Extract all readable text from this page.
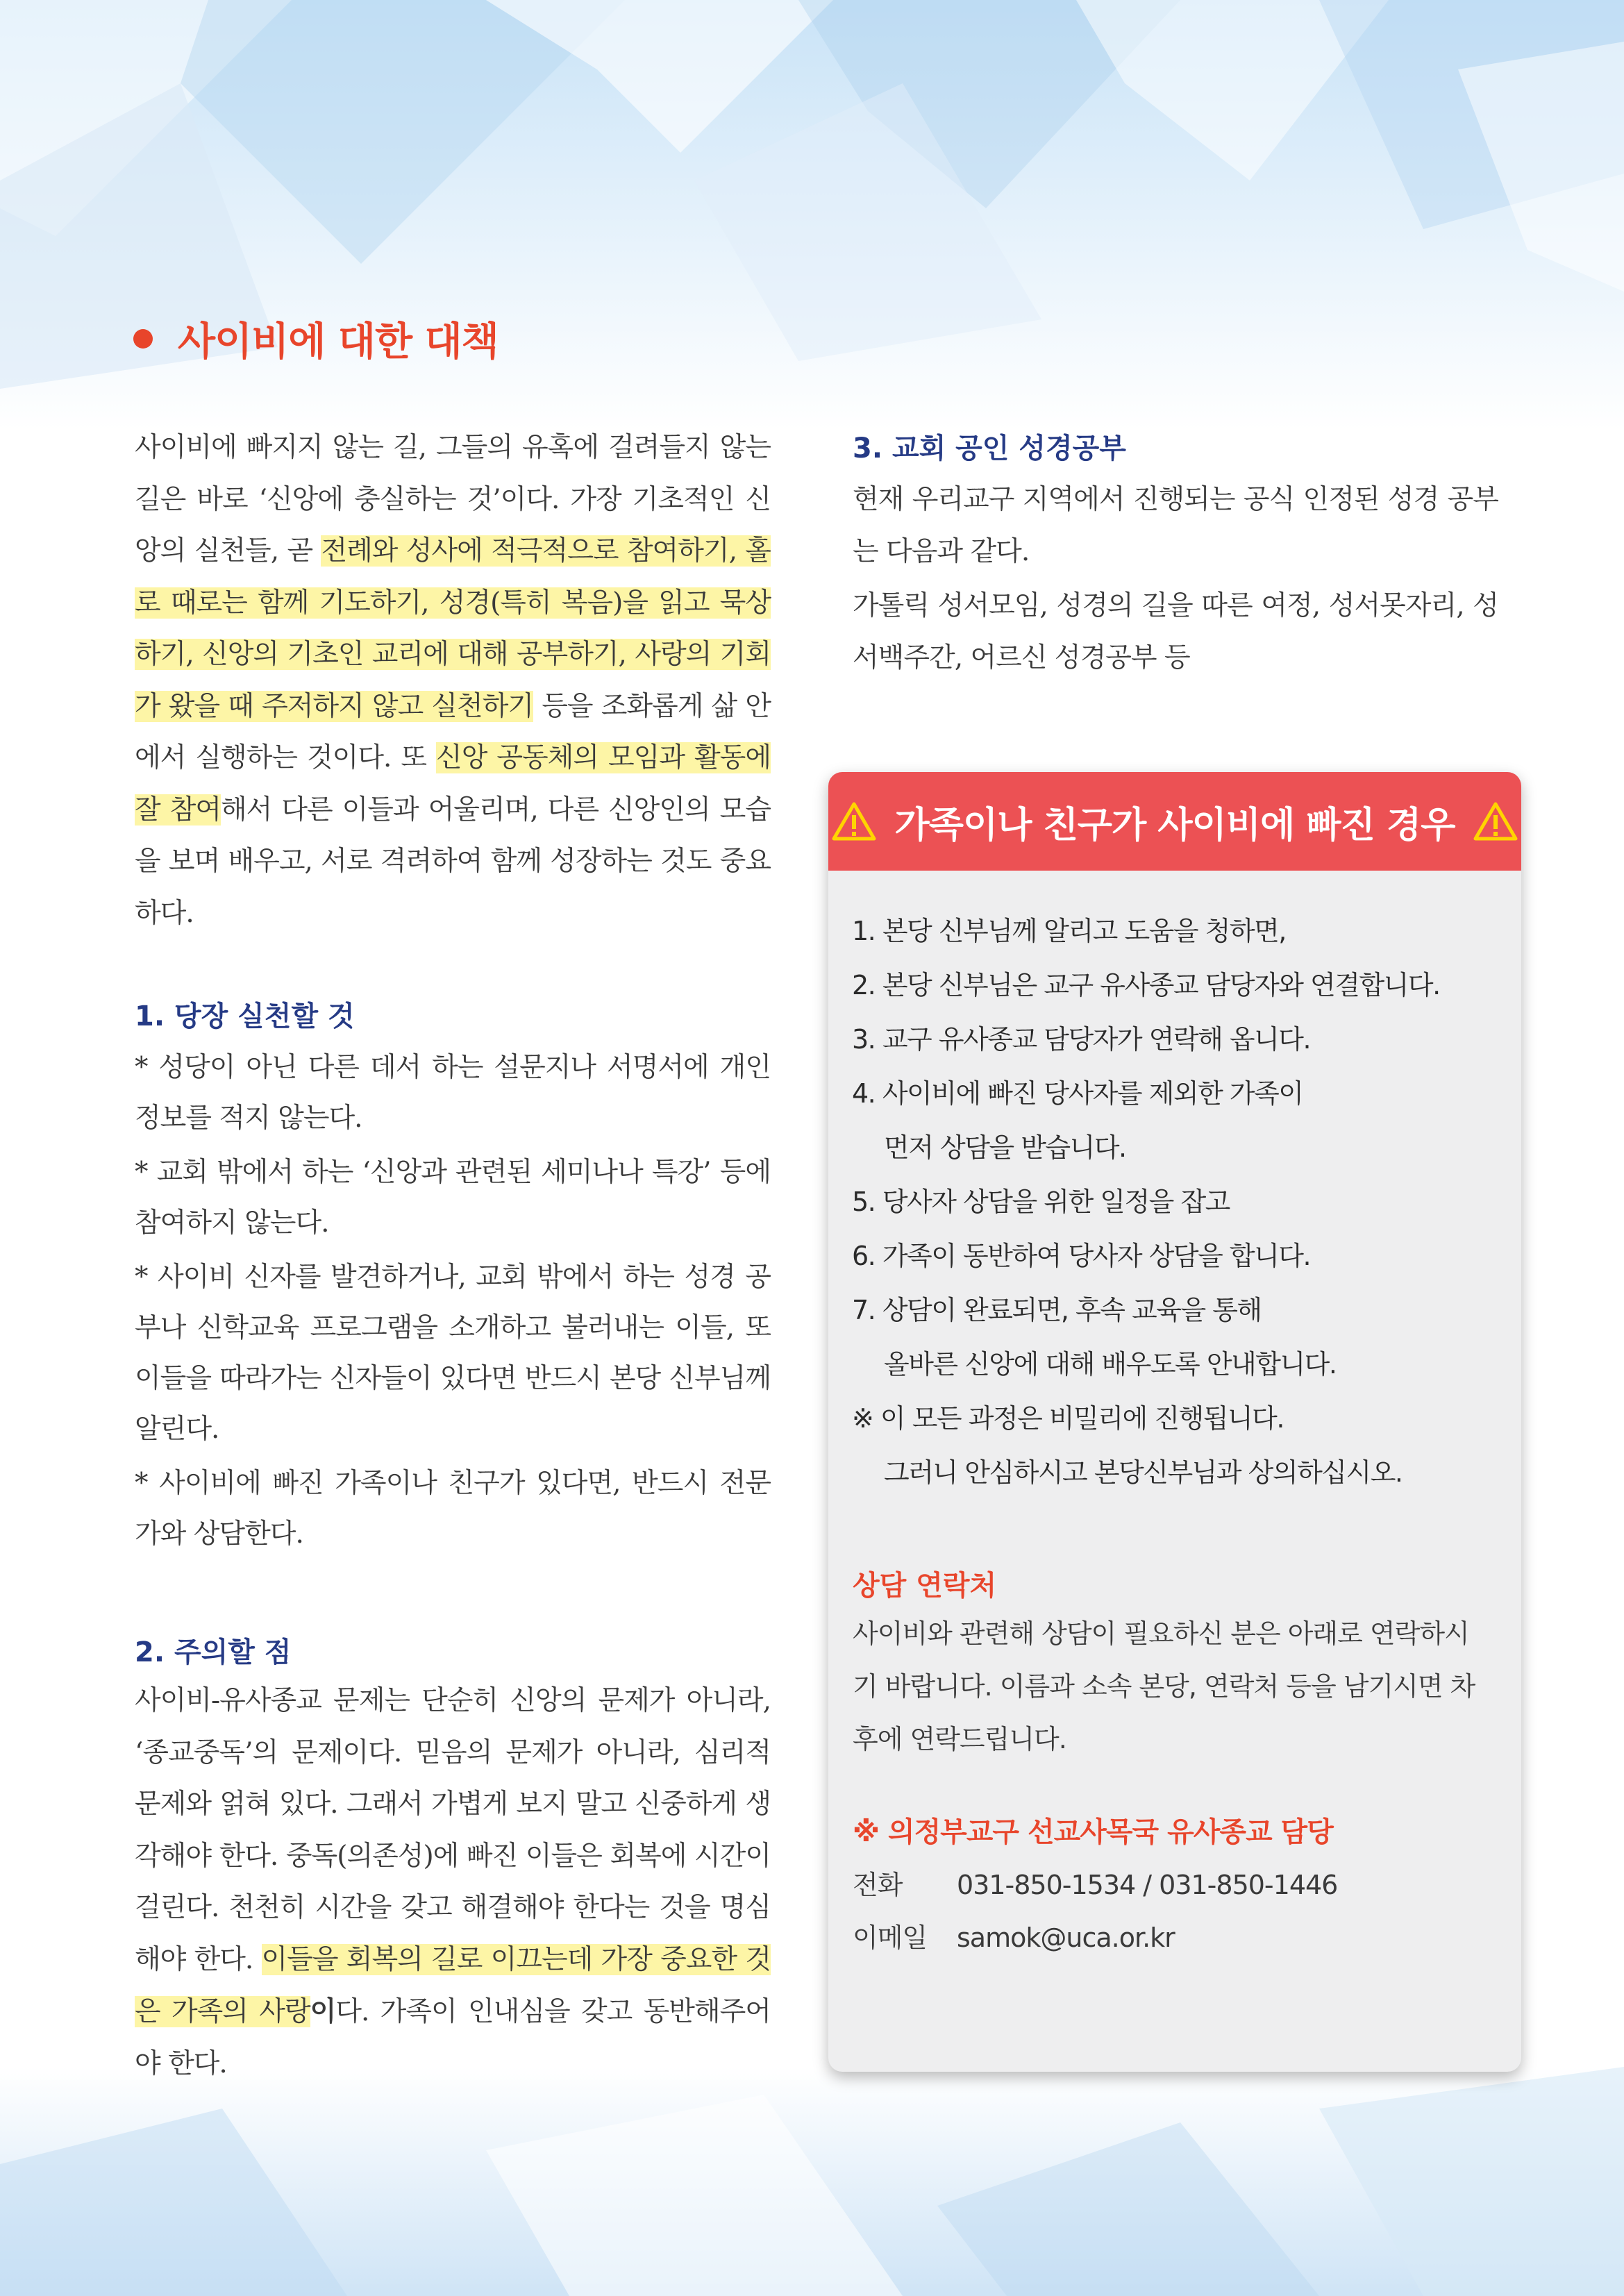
사이비에 대한 대책

사이비에 빠지지 않는 길, 그들의 유혹에 걸려들지 않는 길은 바로 ‘신앙에 충실하는 것’이다. 가장 기초적인 신앙의 실천들, 곧 전례와 성사에 적극적으로 참여하기, 홀로 때로는 함께 기도하기, 성경(특히 복음)을 읽고 묵상하기, 신앙의 기초인 교리에 대해 공부하기, 사랑의 기회가 왔을 때 주저하지 않고 실천하기 등을 조화롭게 삶 안에서 실행하는 것이다. 또 신앙 공동체의 모임과 활동에 잘 참여해서 다른 이들과 어울리며, 다른 신앙인의 모습을 보며 배우고, 서로 격려하여 함께 성장하는 것도 중요하다.

1. 당장 실천할 것

* 성당이 아닌 다른 데서 하는 설문지나 서명서에 개인정보를 적지 않는다.

* 교회 밖에서 하는 ‘신앙과 관련된 세미나나 특강’ 등에 참여하지 않는다.

* 사이비 신자를 발견하거나, 교회 밖에서 하는 성경 공부나 신학교육 프로그램을 소개하고 불러내는 이들, 또 이들을 따라가는 신자들이 있다면 반드시 본당 신부님께 알린다.

* 사이비에 빠진 가족이나 친구가 있다면, 반드시 전문가와 상담한다.

2. 주의할 점

사이비-유사종교 문제는 단순히 신앙의 문제가 아니라, ‘종교중독’의 문제이다. 믿음의 문제가 아니라, 심리적 문제와 얽혀 있다. 그래서 가볍게 보지 말고 신중하게 생각해야 한다. 중독(의존성)에 빠진 이들은 회복에 시간이 걸린다. 천천히 시간을 갖고 해결해야 한다는 것을 명심해야 한다. 이들을 회복의 길로 이끄는데 가장 중요한 것은 가족의 사랑이다. 가족이 인내심을 갖고 동반해주어야 한다.

3. 교회 공인 성경공부

현재 우리교구 지역에서 진행되는 공식 인정된 성경 공부는 다음과 같다.

가톨릭 성서모임, 성경의 길을 따른 여정, 성서못자리, 성서백주간, 어르신 성경공부 등

가족이나 친구가 사이비에 빠진 경우
1. 본당 신부님께 알리고 도움을 청하면,
2. 본당 신부님은 교구 유사종교 담당자와 연결합니다.
3. 교구 유사종교 담당자가 연락해 옵니다.
4. 사이비에 빠진 당사자를 제외한 가족이
먼저 상담을 받습니다.
5. 당사자 상담을 위한 일정을 잡고
6. 가족이 동반하여 당사자 상담을 합니다.
7. 상담이 완료되면, 후속 교육을 통해
올바른 신앙에 대해 배우도록 안내합니다.
※ 이 모든 과정은 비밀리에 진행됩니다.
그러니 안심하시고 본당신부님과 상의하십시오.
상담 연락처

사이비와 관련해 상담이 필요하신 분은 아래로 연락하시기 바랍니다. 이름과 소속 본당, 연락처 등을 남기시면 차후에 연락드립니다.

※ 의정부교구 선교사목국 유사종교 담당

전화 031-850-1534 / 031-850-1446

이메일 samok@uca.or.kr
